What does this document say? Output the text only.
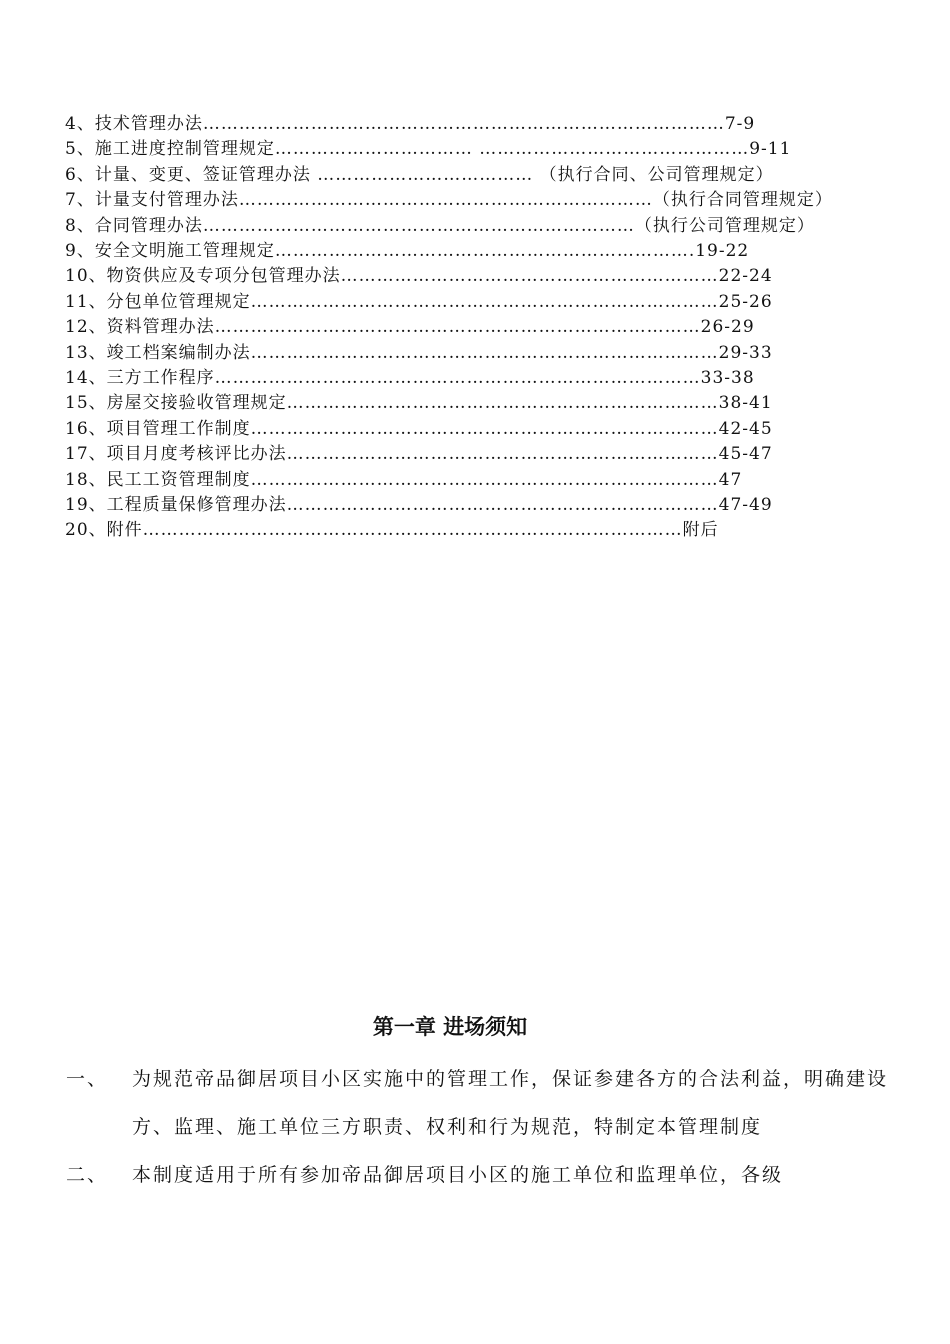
4、技术管理办法……………………………………………………………………………7-9
5、施工进度控制管理规定…………………………… ………………………………………9-11
6、计量、变更、签证管理办法 ……………………………… （执行合同、公司管理规定）
7、计量支付管理办法……………………………………………………………（执行合同管理规定）
8、合同管理办法………………………………………………………………（执行公司管理规定）
9、安全文明施工管理规定…………………………………………………………….19-22
10、物资供应及专项分包管理办法………………………………………………………22-24
11、分包单位管理规定……………………………………………………………………25-26
12、资料管理办法………………………………………………………………………26-29
13、竣工档案编制办法……………………………………………………………………29-33
14、三方工作程序………………………………………………………………………33-38
15、房屋交接验收管理规定………………………………………………………………38-41
16、项目管理工作制度……………………………………………………………………42-45
17、项目月度考核评比办法………………………………………………………………45-47
18、民工工资管理制度……………………………………………………………………47
19、工程质量保修管理办法………………………………………………………………47-49
20、附件………………………………………………………………………………附后
第一章 进场须知
一、	为规范帝品御居项目小区实施中的管理工作，保证参建各方的合法利益，明确建设方、监理、施工单位三方职责、权利和行为规范，特制定本管理制度
二、	本制度适用于所有参加帝品御居项目小区的施工单位和监理单位，各级
